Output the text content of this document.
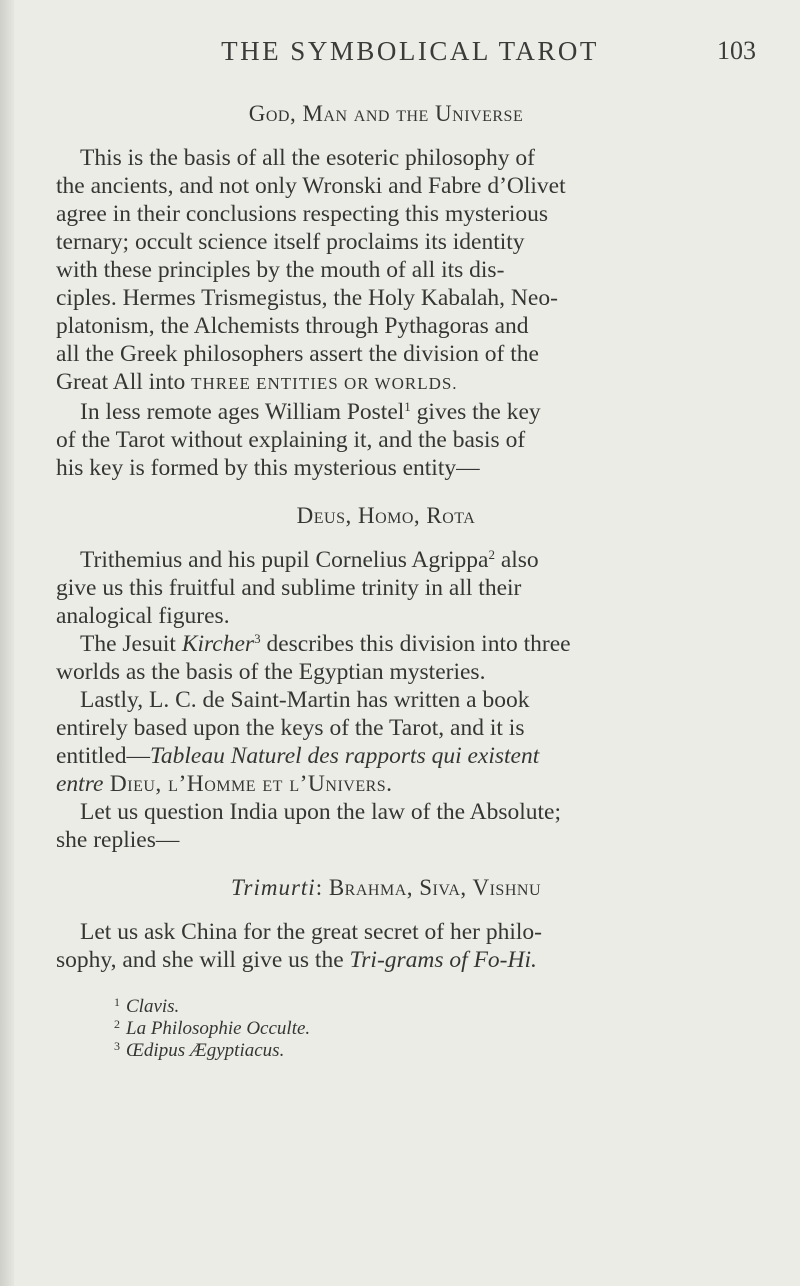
THE SYMBOLICAL TAROT	103
God, Man and the Universe
This is the basis of all the esoteric philosophy of
the ancients, and not only Wronski and Fabre d’Olivet
agree in their conclusions respecting this mysterious
ternary; occult science itself proclaims its identity
with these principles by the mouth of all its dis-
ciples. Hermes Trismegistus, the Holy Kabalah, Neo-
platonism, the Alchemists through Pythagoras and
all the Greek philosophers assert the division of the
Great All into THREE ENTITIES OR WORLDS.
In less remote ages William Postel$^1$ gives the key
of the Tarot without explaining it, and the basis of
his key is formed by this mysterious entity—
Deus, Homo, Rota
Trithemius and his pupil Cornelius Agrippa$^2$ also
give us this fruitful and sublime trinity in all their
analogical figures.
The Jesuit Kircher$^3$ describes this division into three
worlds as the basis of the Egyptian mysteries.
Lastly, L. C. de Saint-Martin has written a book
entirely based upon the keys of the Tarot, and it is
entitled—Tableau Naturel des rapports qui existent
entre Dieu, l’Homme et l’Univers.
Let us question India upon the law of the Absolute;
she replies—
Trimurti: Brahma, Siva, Vishnu
Let us ask China for the great secret of her philo-
sophy, and she will give us the Tri-grams of Fo-Hi.
$^1$ Clavis.
$^2$ La Philosophie Occulte.
$^3$ Œdipus Ægyptiacus.
